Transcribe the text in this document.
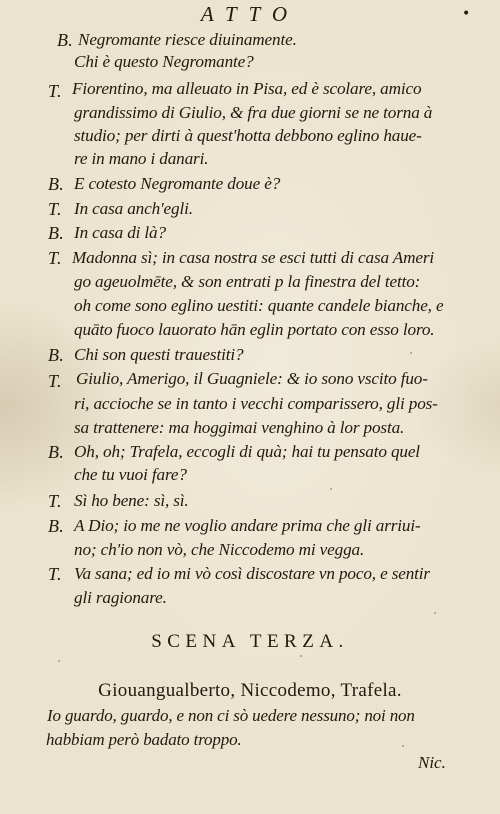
ATTO	•
B. Negromante riesce diuinamente.
Chi è questo Negromante?
T. Fiorentino, ma alleuato in Pisa, ed è scolare, amico
grandissimo di Giulio, & fra due giorni se ne torna à
studio; per dirti à quest'hotta debbono eglino haue-
re in mano i danari.
B. E cotesto Negromante doue è?
T. In casa anch'egli.
B. In casa di là?
T. Madonna sì; in casa nostra se esci tutti di casa Ameri
go ageuolmēte, & son entrati p la finestra del tetto:
oh come sono eglino uestiti: quante candele bianche, e
quāto fuoco lauorato hān eglin portato con esso loro.
B. Chi son questi trauestiti?
T. Giulio, Amerigo, il Guagniele: & io sono vscito fuo-
ri, accioche se in tanto i vecchi comparissero, gli pos-
sa trattenere: ma hoggimai venghino à lor posta.
B. Oh, oh; Trafela, eccogli di quà; hai tu pensato quel
che tu vuoi fare?
T. Sì ho bene: sì, sì.
B. A Dio; io me ne voglio andare prima che gli arriui-
no; ch'io non vò, che Niccodemo mi vegga.
T. Va sana; ed io mi vò così discostare vn poco, e sentir
gli ragionare.
SCENA TERZA.
Giouangualberto, Niccodemo, Trafela.
Io guardo, guardo, e non ci sò uedere nessuno; noi non
habbiam però badato troppo.
Nic.
